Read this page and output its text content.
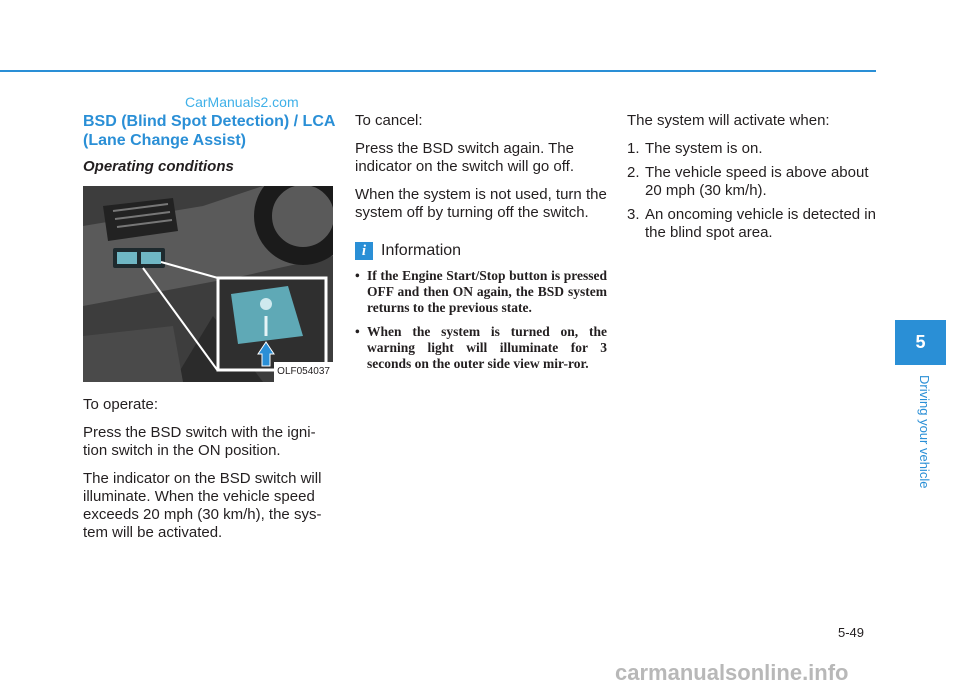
CarManuals2.com
BSD (Blind Spot Detection) / LCA (Lane Change Assist)
Operating conditions
OLF054037

To operate:

Press the BSD switch with the igni-tion switch in the ON position.

The indicator on the BSD switch will illuminate. When the vehicle speed exceeds 20 mph (30 km/h), the sys-tem will be activated.

To cancel:

Press the BSD switch again. The indicator on the switch will go off.

When the system is not used, turn the system off by turning off the switch.

i Information
• If the Engine Start/Stop button is pressed OFF and then ON again, the BSD system returns to the previous state.
• When the system is turned on, the warning light will illuminate for 3 seconds on the outer side view mir-ror.

The system will activate when:

1. The system is on.
2. The vehicle speed is above about 20 mph (30 km/h).
3. An oncoming vehicle is detected in the blind spot area.
5
Driving your vehicle
5-49
carmanualsonline.info
